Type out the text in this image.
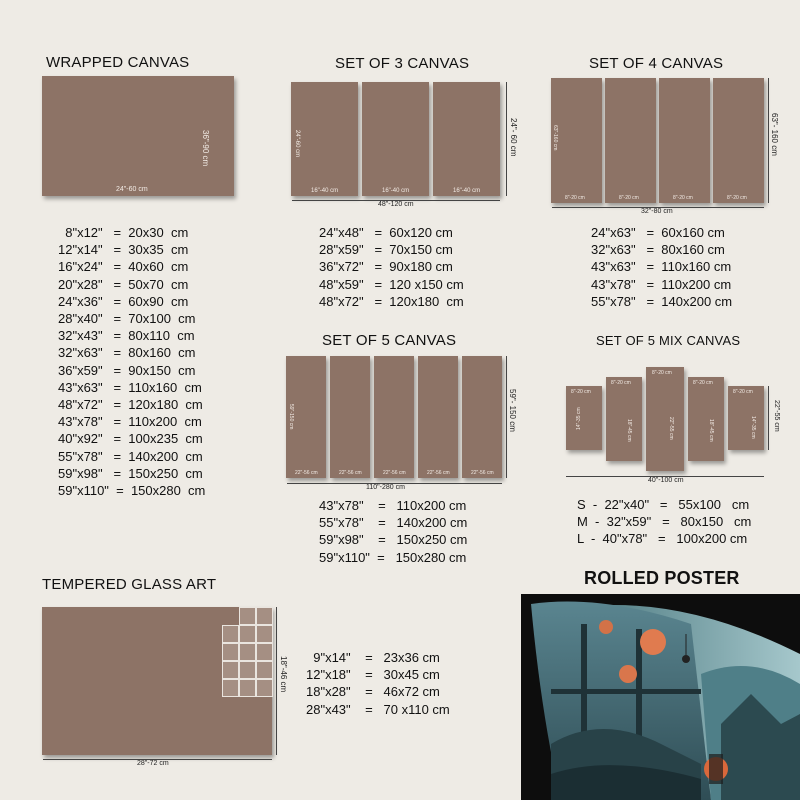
WRAPPED CANVAS
24"-60 cm
36"-90 cm
8"x12"   =  20x30  cm
12"x14"   =  30x35  cm
16"x24"   =  40x60  cm
20"x28"   =  50x70  cm
24"x36"   =  60x90  cm
28"x40"   =  70x100  cm
32"x43"   =  80x110  cm
32"x63"   =  80x160  cm
36"x59"   =  90x150  cm
43"x63"   =  110x160  cm
48"x72"   =  120x180  cm
43"x78"   =  110x200  cm
40"x92"   =  100x235  cm
55"x78"   =  140x200  cm
59"x98"   =  150x250  cm
59"x110"  =  150x280  cm
SET OF 3 CANVAS
16"-40 cm
24"-60 cm
16"-40 cm	16"-40 cm
48"-120 cm
24"- 60 cm
24"x48"   =  60x120 cm
28"x59"   =  70x150 cm
36"x72"   =  90x180 cm
48"x59"   =  120 x150 cm
48"x72"   =  120x180  cm
SET OF 4 CANVAS
8"-20 cm
63"-160 cm
8"-20 cm	8"-20 cm	8"-20 cm
32"-80 cm
63"- 160 cm
24"x63"   =  60x160 cm
32"x63"   =  80x160 cm
43"x63"   =  110x160 cm
43"x78"   =  110x200 cm
55"x78"   =  140x200 cm
SET OF 5 CANVAS
22"-56 cm
59"-150 cm
22"-56 cm	22"-56 cm	22"-56 cm	22"-56 cm
110"-280 cm
59"- 150 cm
43"x78"    =   110x200 cm
55"x78"    =   140x200 cm
59"x98"    =   150x250 cm
59"x110"  =   150x280 cm
SET OF 5 MIX CANVAS
8"-20 cm
14"-35 cm
8"-20 cm
18"-45 cm
8"-20 cm
22"-55 cm
8"-20 cm
18"-45 cm
8"-20 cm
14"-35 cm
40"-100 cm
22"-55 cm
S  -  22"x40"   =   55x100   cm
M  -  32"x59"   =   80x150   cm
L  -  40"x78"   =   100x200 cm
TEMPERED GLASS ART
28"-72 cm
18"-46 cm 9"x14"    =   23x36 cm
12"x18"    =   30x45 cm
18"x28"    =   46x72 cm
28"x43"    =   70 x110 cm
ROLLED POSTER
